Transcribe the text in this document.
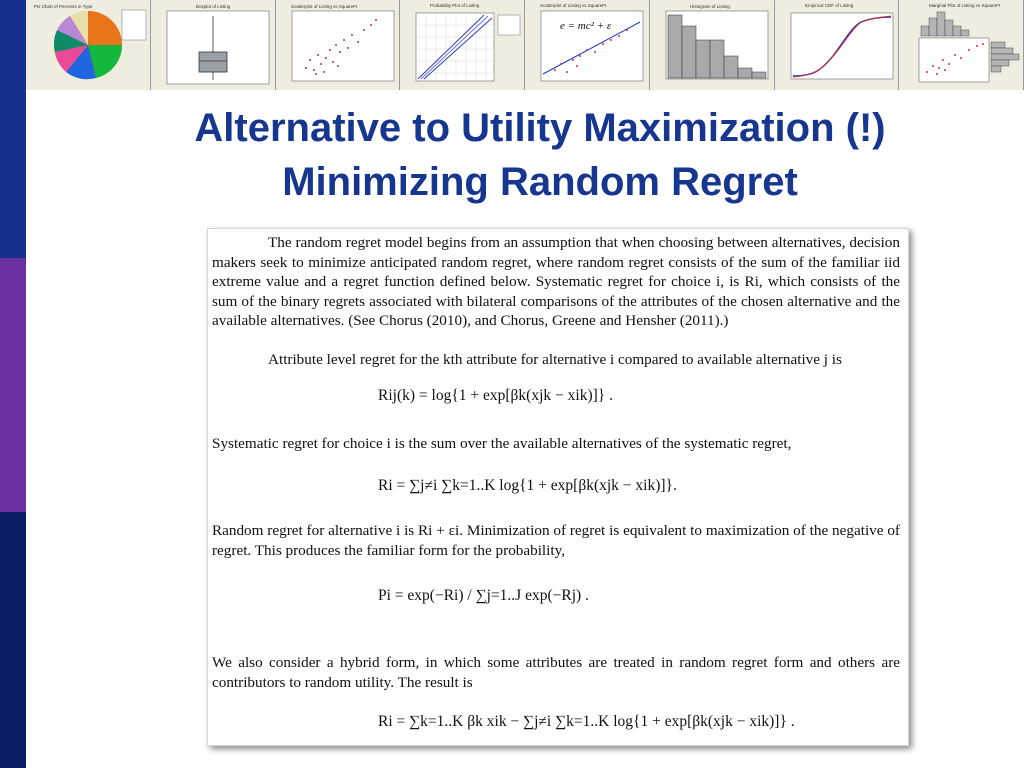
Pie Chart of Percents in Type	Boxplot of Listing	Scatterplot of Listing vs SquareFt	Probability Plot of Listing	Scatterplot of Listing vs SquareFt
e = mc² + ε
Histogram of Listing	Empirical CDF of Listing	Marginal Plot of Listing vs SquareFt
Alternative to Utility Maximization (!)
Minimizing Random Regret

The random regret model begins from an assumption that when choosing between alternatives, decision makers seek to minimize anticipated random regret, where random regret consists of the sum of the familiar iid extreme value and a regret function defined below. Systematic regret for choice i, is Ri, which consists of the sum of the binary regrets associated with bilateral comparisons of the attributes of the chosen alternative and the available alternatives. (See Chorus (2010), and Chorus, Greene and Hensher (2011).)

Attribute level regret for the kth attribute for alternative i compared to available alternative j is

Rij(k) = log{1 + exp[βk(xjk − xik)]} .

Systematic regret for choice i is the sum over the available alternatives of the systematic regret,

Ri = ∑j≠i ∑k=1..K log{1 + exp[βk(xjk − xik)]}.

Random regret for alternative i is Ri + εi. Minimization of regret is equivalent to maximization of the negative of regret. This produces the familiar form for the probability,

Pi = exp(−Ri) / ∑j=1..J exp(−Rj) .

We also consider a hybrid form, in which some attributes are treated in random regret form and others are contributors to random utility. The result is

Ri = ∑k=1..K βk xik − ∑j≠i ∑k=1..K log{1 + exp[βk(xjk − xik)]} .
